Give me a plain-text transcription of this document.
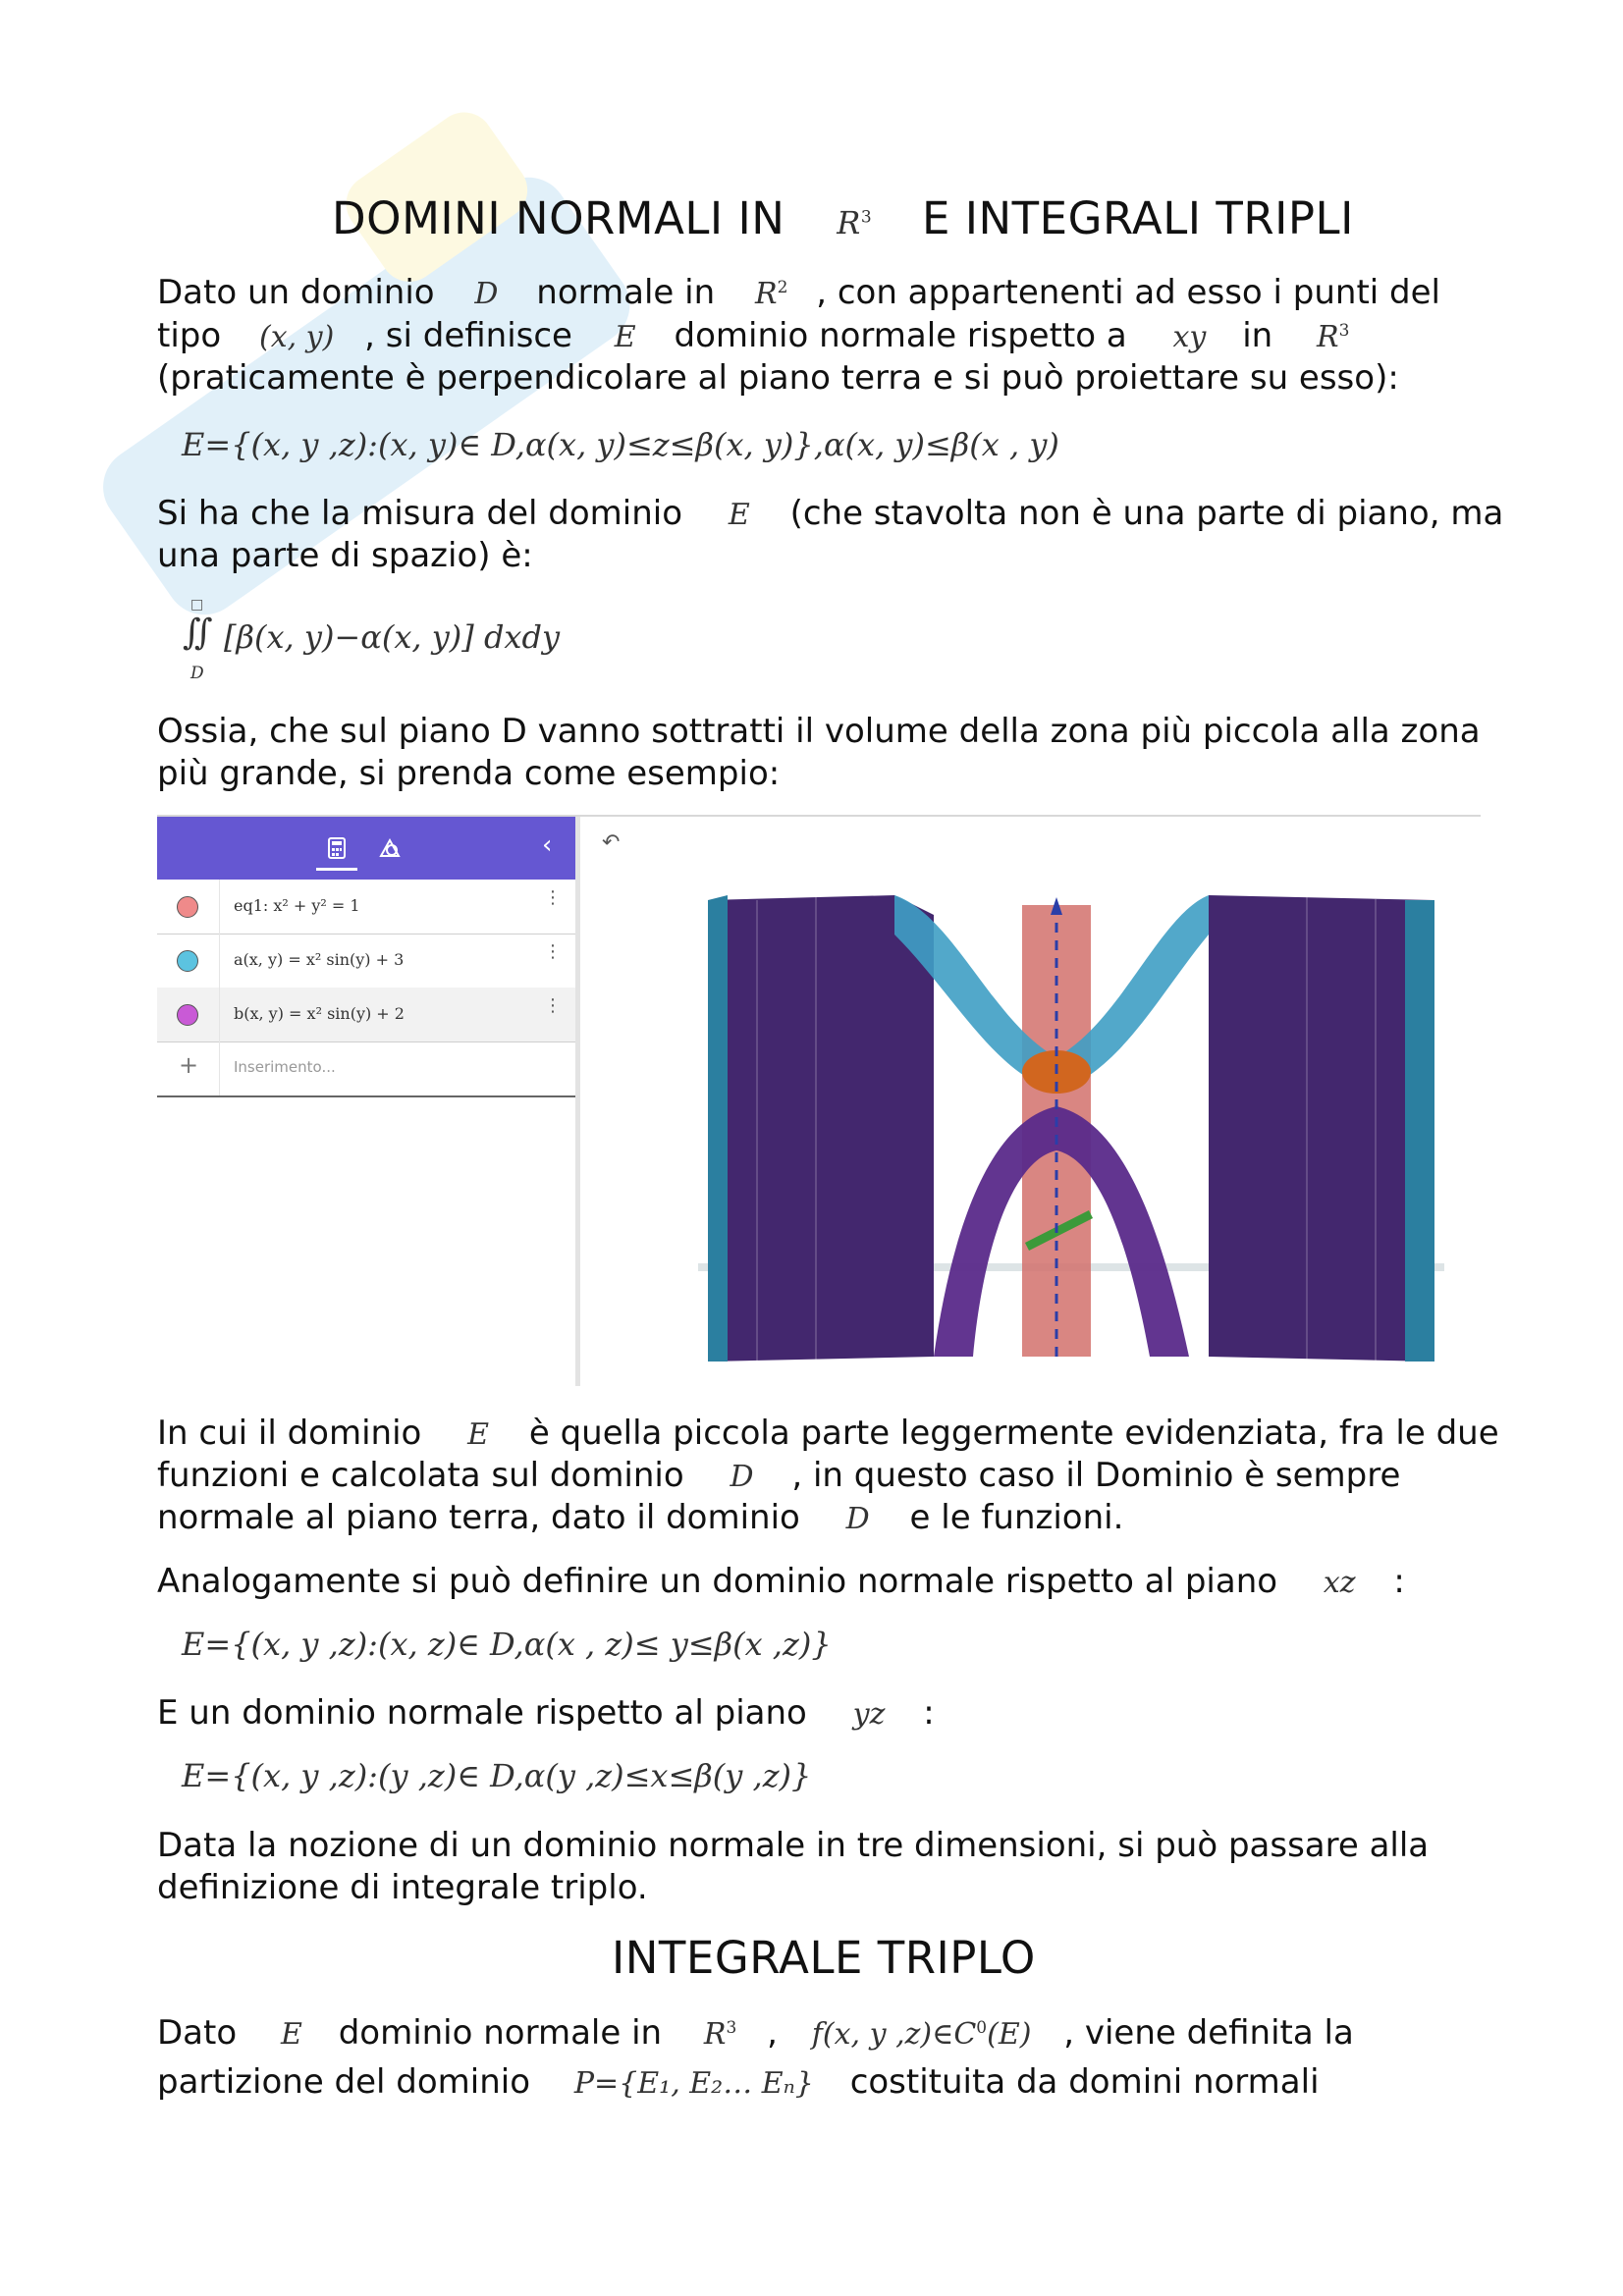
DOMINI NORMALI IN $R^3$ E INTEGRALI TRIPLI
Dato un dominio D normale in $R^2$ , con appartenenti ad esso i punti del
tipo (x, y) , si definisce E dominio normale rispetto a xy in $R^3$
(praticamente è perpendicolare al piano terra e si può proiettare su esso):
E={(x, y ,z):(x, y)∈ D,α(x, y)≤z≤β(x, y)},α(x, y)≤β(x , y)
Si ha che la misura del dominio E (che stavolta non è una parte di piano, ma
una parte di spazio) è:
□
∬ [β(x, y)−α(x, y)] dxdy
D
Ossia, che sul piano D vanno sottratti il volume della zona più piccola alla zona
più grande, si prenda come esempio:
‹
eq1: x² + y² = 1	⋮
a(x, y) = x² sin(y) + 3	⋮
b(x, y) = x² sin(y) + 2	⋮
+ Inserimento...
↶
In cui il dominio E è quella piccola parte leggermente evidenziata, fra le due
funzioni e calcolata sul dominio D , in questo caso il Dominio è sempre
normale al piano terra, dato il dominio D e le funzioni.
Analogamente si può definire un dominio normale rispetto al piano xz :
E={(x, y ,z):(x, z)∈ D,α(x , z)≤ y≤β(x ,z)}
E un dominio normale rispetto al piano yz :
E={(x, y ,z):(y ,z)∈ D,α(y ,z)≤x≤β(y ,z)}
Data la nozione di un dominio normale in tre dimensioni, si può passare alla
definizione di integrale triplo.
INTEGRALE TRIPLO
Dato E dominio normale in $R^3$ , f(x, y $,z)\in C^0(E)$ , viene definita la
partizione del dominio P={E₁, E₂… Eₙ} costituita da domini normali
